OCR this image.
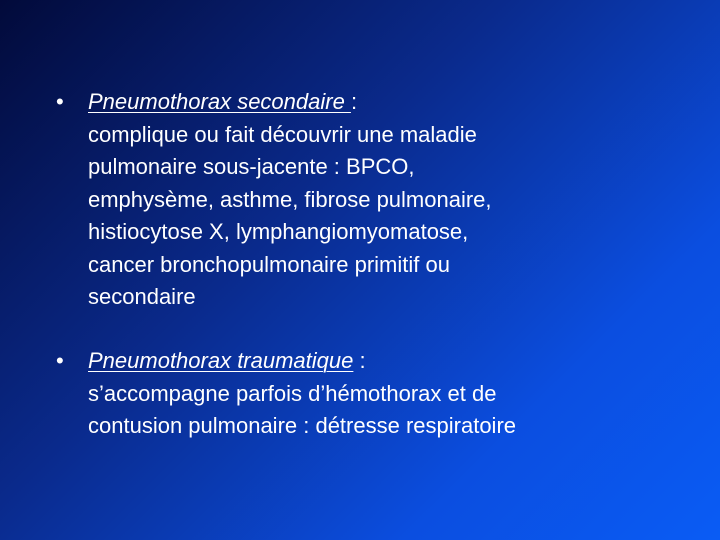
•	Pneumothorax secondaire :
complique ou fait découvrir une maladie
pulmonaire sous-jacente : BPCO,
emphysème, asthme, fibrose pulmonaire,
histiocytose X, lymphangiomyomatose,
cancer bronchopulmonaire primitif ou
secondaire
•	Pneumothorax traumatique :
s’accompagne parfois d’hémothorax et de
contusion pulmonaire : détresse respiratoire
